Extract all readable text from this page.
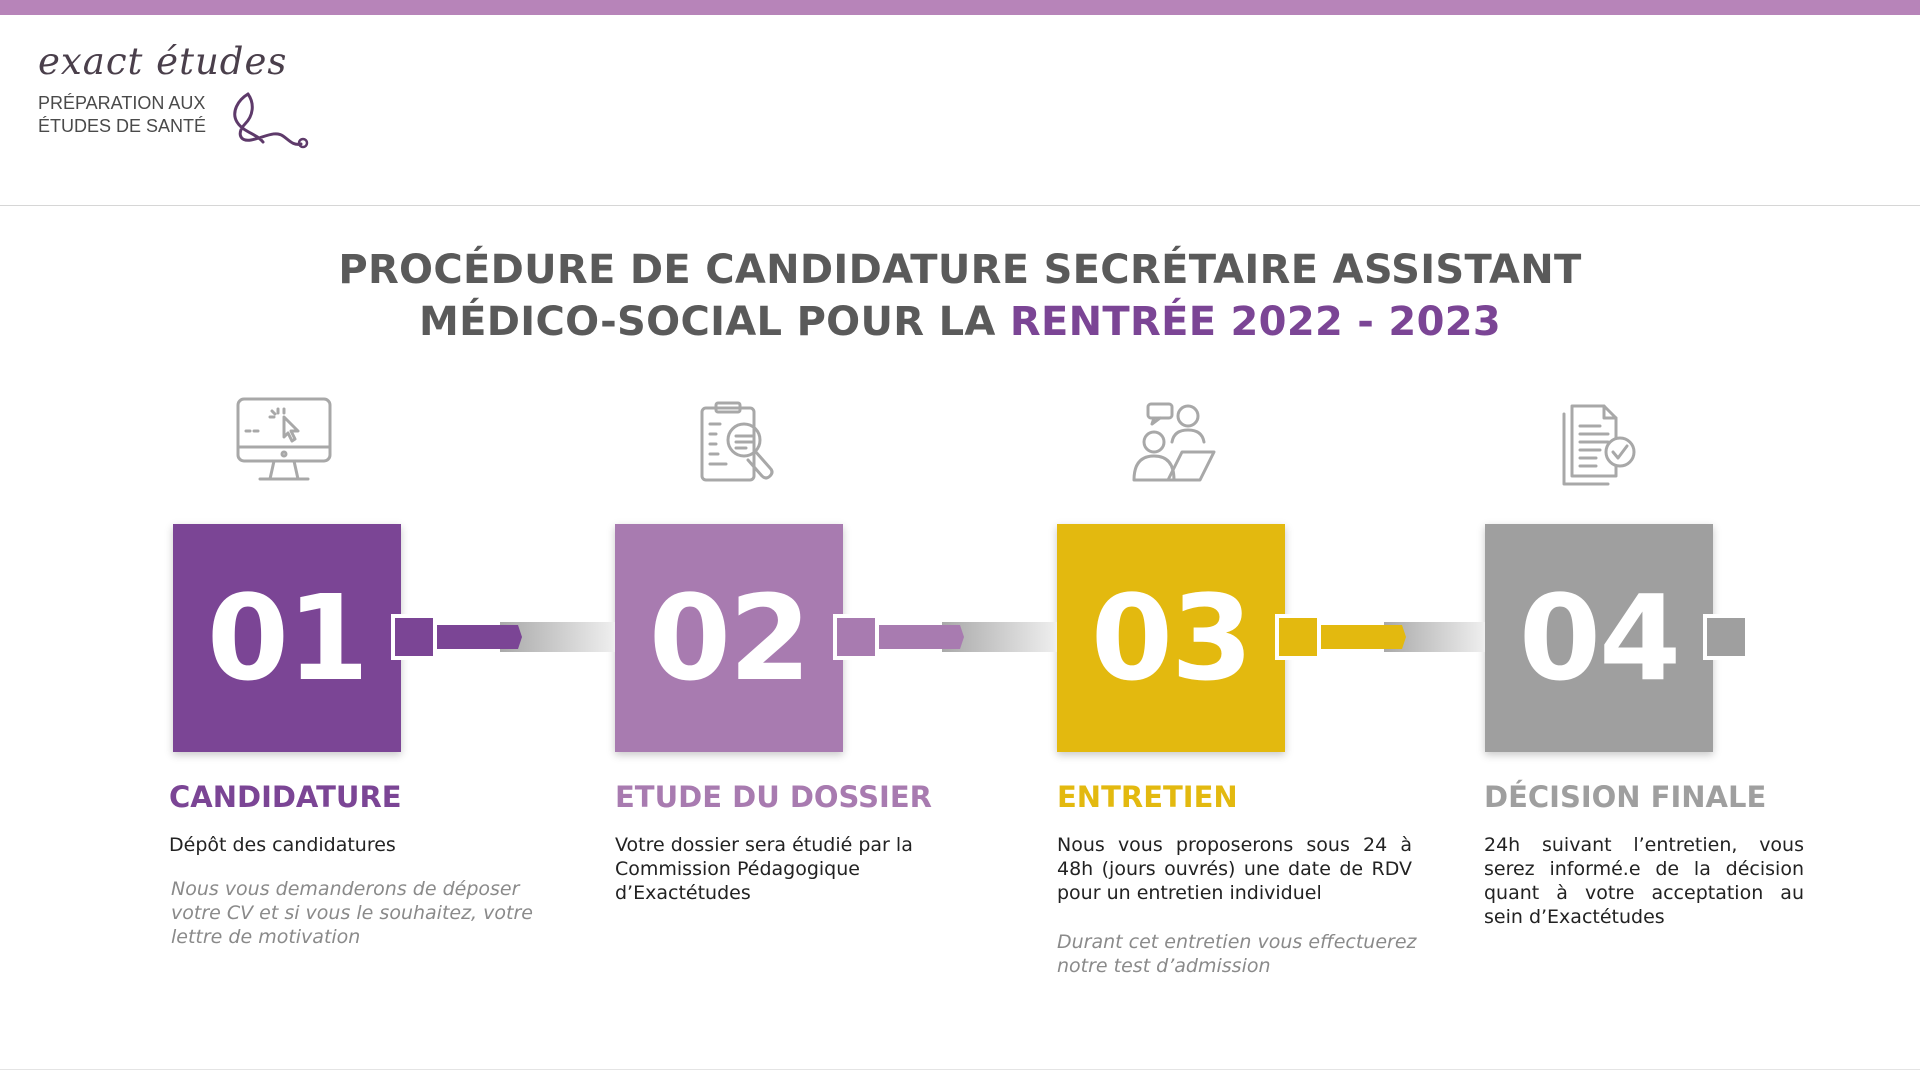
exact études
PRÉPARATION AUX
ÉTUDES DE SANTÉ
PROCÉDURE DE CANDIDATURE SECRÉTAIRE ASSISTANT
MÉDICO-SOCIAL POUR LA RENTRÉE 2022 - 2023
01 02 03 04
CANDIDATURE	ETUDE DU DOSSIER	ENTRETIEN	DÉCISION FINALE
Dépôt des candidatures	Votre dossier sera étudié par la Commission Pédagogique d’Exactétudes
Nous vous proposerons sous 24 à 48h (jours ouvrés) une date de RDV pour un entretien individuel
24h suivant l’entretien, vous serez informé.e de la décision quant à votre acceptation au sein d’Exactétudes
Nous vous demanderons de déposer votre CV et si vous le souhaitez, votre lettre de motivation	Durant cet entretien vous effectuerez notre test d’admission
